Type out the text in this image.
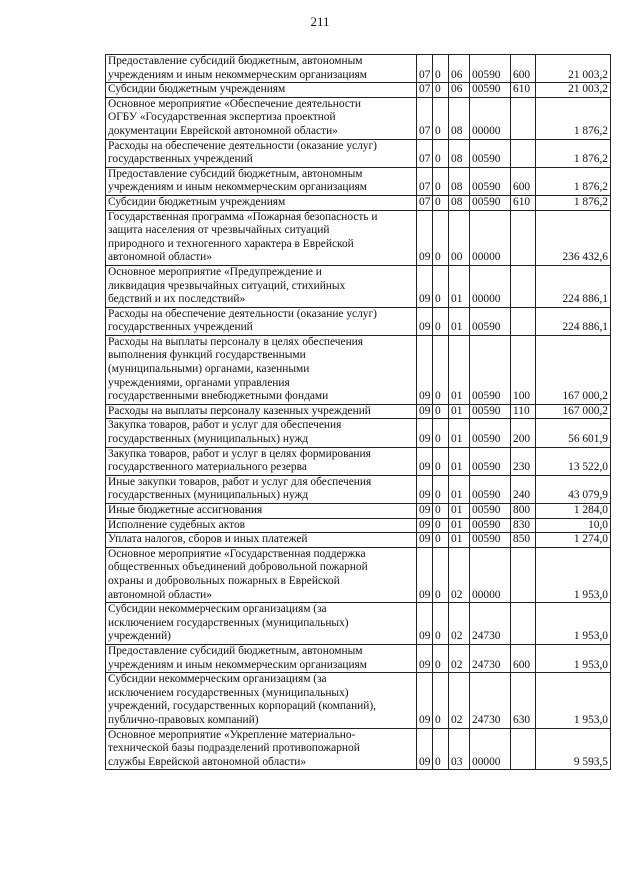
211
Предоставление субсидий бюджетным, автономным
учреждениям и иным некоммерческим организациям	07	0	06	00590	600	21 003,2

Субсидии бюджетным учреждениям	07	0	06	00590	610	21 003,2

Основное мероприятие «Обеспечение деятельности
ОГБУ «Государственная экспертиза проектной
документации Еврейской автономной области»	07	0	08	00000		1 876,2

Расходы на обеспечение деятельности (оказание услуг)
государственных учреждений	07	0	08	00590		1 876,2

Предоставление субсидий бюджетным, автономным
учреждениям и иным некоммерческим организациям	07	0	08	00590	600	1 876,2

Субсидии бюджетным учреждениям	07	0	08	00590	610	1 876,2

Государственная программа «Пожарная безопасность и
защита населения от чрезвычайных ситуаций
природного и техногенного характера в Еврейской
автономной области»	09	0	00	00000		236 432,6

Основное мероприятие «Предупреждение и
ликвидация чрезвычайных ситуаций, стихийных
бедствий и их последствий»	09	0	01	00000		224 886,1

Расходы на обеспечение деятельности (оказание услуг)
государственных учреждений	09	0	01	00590		224 886,1

Расходы на выплаты персоналу в целях обеспечения
выполнения функций государственными
(муниципальными) органами, казенными
учреждениями, органами управления
государственными внебюджетными фондами	09	0	01	00590	100	167 000,2

Расходы на выплаты персоналу казенных учреждений	09	0	01	00590	110	167 000,2

Закупка товаров, работ и услуг для обеспечения
государственных (муниципальных) нужд	09	0	01	00590	200	56 601,9

Закупка товаров, работ и услуг в целях формирования
государственного материального резерва	09	0	01	00590	230	13 522,0

Иные закупки товаров, работ и услуг для обеспечения
государственных (муниципальных) нужд	09	0	01	00590	240	43 079,9

Иные бюджетные ассигнования	09	0	01	00590	800	1 284,0

Исполнение судебных актов	09	0	01	00590	830	10,0

Уплата налогов, сборов и иных платежей	09	0	01	00590	850	1 274,0

Основное мероприятие «Государственная поддержка
общественных объединений добровольной пожарной
охраны и добровольных пожарных в Еврейской
автономной области»	09	0	02	00000		1 953,0

Субсидии некоммерческим организациям (за
исключением государственных (муниципальных)
учреждений)	09	0	02	24730		1 953,0

Предоставление субсидий бюджетным, автономным
учреждениям и иным некоммерческим организациям	09	0	02	24730	600	1 953,0

Субсидии некоммерческим организациям (за
исключением государственных (муниципальных)
учреждений, государственных корпораций (компаний),
публично-правовых компаний)	09	0	02	24730	630	1 953,0

Основное мероприятие «Укрепление материально-
технической базы подразделений противопожарной
службы Еврейской автономной области»	09	0	03	00000		9 593,5
